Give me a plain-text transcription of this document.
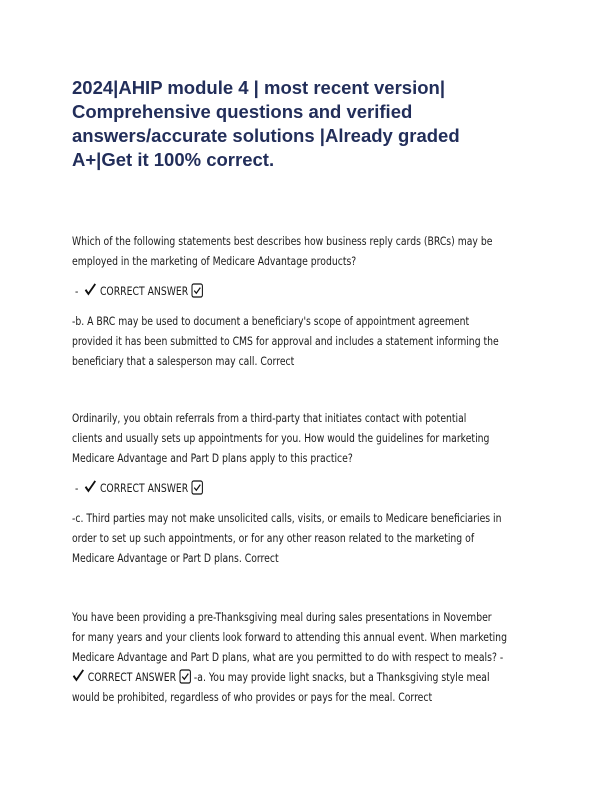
2024|AHIP module 4 | most recent version|
Comprehensive questions and verified
answers/accurate solutions |Already graded
A+|Get it 100% correct.
Which of the following statements best describes how business reply cards (BRCs) may be
employed in the marketing of Medicare Advantage products?
-
CORRECT ANSWER
-b. A BRC may be used to document a beneficiary's scope of appointment agreement
provided it has been submitted to CMS for approval and includes a statement informing the
beneficiary that a salesperson may call. Correct
Ordinarily, you obtain referrals from a third-party that initiates contact with potential
clients and usually sets up appointments for you. How would the guidelines for marketing
Medicare Advantage and Part D plans apply to this practice?
-
CORRECT ANSWER
-c. Third parties may not make unsolicited calls, visits, or emails to Medicare beneficiaries in
order to set up such appointments, or for any other reason related to the marketing of
Medicare Advantage or Part D plans. Correct
You have been providing a pre-Thanksgiving meal during sales presentations in November
for many years and your clients look forward to attending this annual event. When marketing
Medicare Advantage and Part D plans, what are you permitted to do with respect to meals? -
CORRECT ANSWER -a. You may provide light snacks, but a Thanksgiving style meal
would be prohibited, regardless of who provides or pays for the meal. Correct
